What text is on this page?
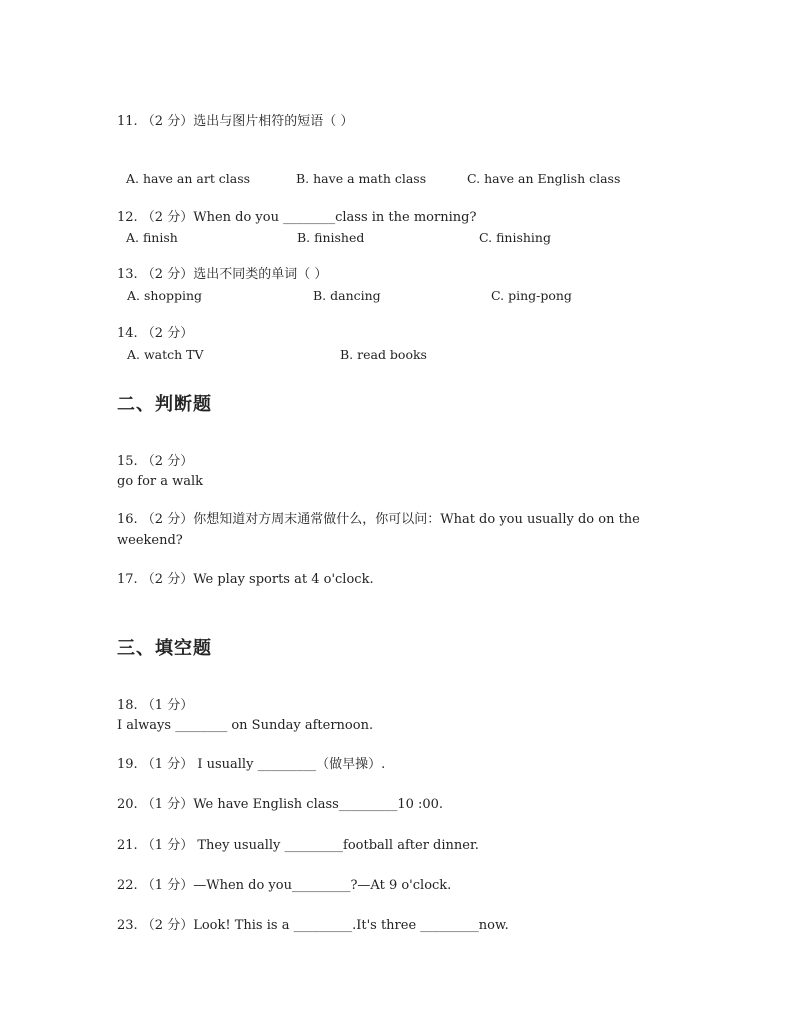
11. （2 分）选出与图片相符的短语（ ）
A. have an art class	B. have a math class	C. have an English class
12. （2 分）When do you ________class in the morning?
A. finish	B. finished	C. finishing
13. （2 分）选出不同类的单词（ ）
A. shopping	B. dancing	C. ping-pong
14. （2 分）
A. watch TV	B. read books
二、判断题
15. （2 分）
go for a walk
16. （2 分）你想知道对方周末通常做什么，你可以问：What do you usually do on the
weekend?
17. （2 分）We play sports at 4 o'clock.
三、填空题
18. （1 分）
I always ________ on Sunday afternoon.
19. （1 分） I usually _________（做早操）.
20. （1 分）We have English class_________10 :00.
21. （1 分） They usually _________football after dinner.
22. （1 分）—When do you_________?—At 9 o'clock.
23. （2 分）Look! This is a _________.It's three _________now.
